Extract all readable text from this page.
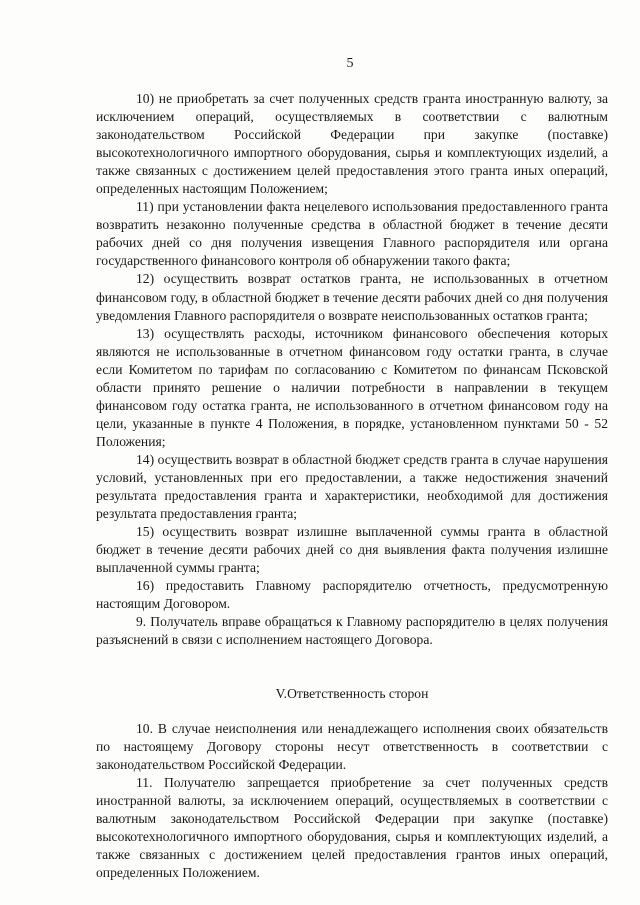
5

10) не приобретать за счет полученных средств гранта иностранную валюту, за исключением операций, осуществляемых в соответствии с валютным законодательством Российской Федерации при закупке (поставке) высокотехнологичного импортного оборудования, сырья и комплектующих изделий, а также связанных с достижением целей предоставления этого гранта иных операций, определенных настоящим Положением;

11) при установлении факта нецелевого использования предоставленного гранта возвратить незаконно полученные средства в областной бюджет в течение десяти рабочих дней со дня получения извещения Главного распорядителя или органа государственного финансового контроля об обнаружении такого факта;

12) осуществить возврат остатков гранта, не использованных в отчетном финансовом году, в областной бюджет в течение десяти рабочих дней со дня получения уведомления Главного распорядителя о возврате неиспользованных остатков гранта;

13) осуществлять расходы, источником финансового обеспечения которых являются не использованные в отчетном финансовом году остатки гранта, в случае если Комитетом по тарифам по согласованию с Комитетом по финансам Псковской области принято решение о наличии потребности в направлении в текущем финансовом году остатка гранта, не использованного в отчетном финансовом году на цели, указанные в пункте 4 Положения, в порядке, установленном пунктами 50 - 52 Положения;

14) осуществить возврат в областной бюджет средств гранта в случае нарушения условий, установленных при его предоставлении, а также недостижения значений результата предоставления гранта и характеристики, необходимой для достижения результата предоставления гранта;

15) осуществить возврат излишне выплаченной суммы гранта в областной бюджет в течение десяти рабочих дней со дня выявления факта получения излишне выплаченной суммы гранта;

16) предоставить Главному распорядителю отчетность, предусмотренную настоящим Договором.

9. Получатель вправе обращаться к Главному распорядителю в целях получения разъяснений в связи с исполнением настоящего Договора.

V.Ответственность сторон

10. В случае неисполнения или ненадлежащего исполнения своих обязательств по настоящему Договору стороны несут ответственность в соответствии с законодательством Российской Федерации.

11. Получателю запрещается приобретение за счет полученных средств иностранной валюты, за исключением операций, осуществляемых в соответствии с валютным законодательством Российской Федерации при закупке (поставке) высокотехнологичного импортного оборудования, сырья и комплектующих изделий, а также связанных с достижением целей предоставления грантов иных операций, определенных Положением.
